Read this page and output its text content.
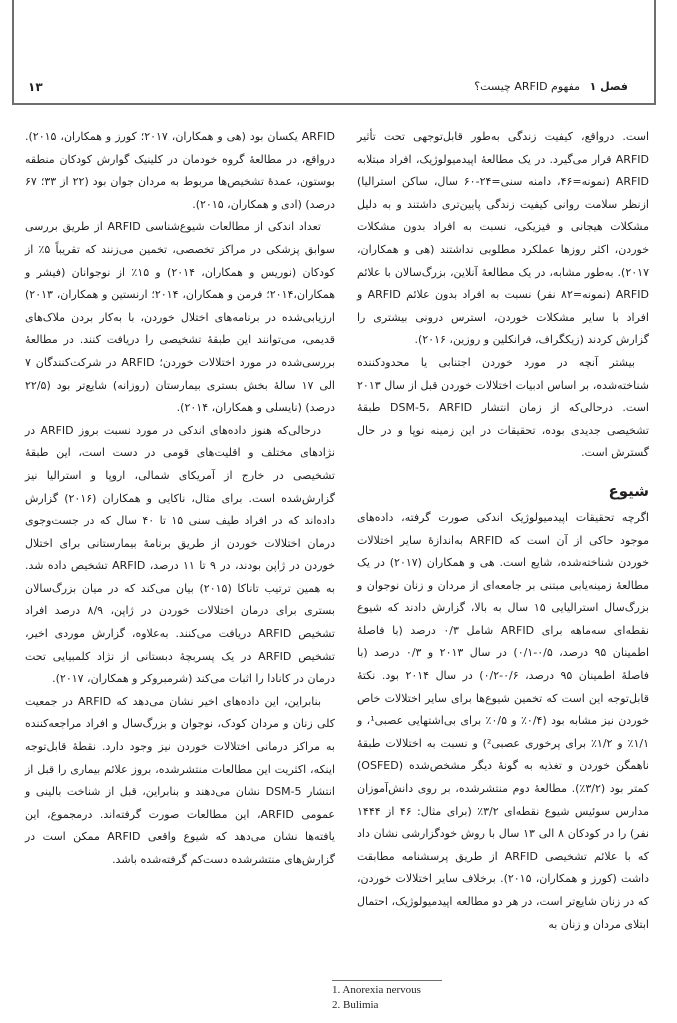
۱۳	فصل ۱ مفهوم ARFID چیست؟

است. درواقع، کیفیت زندگی به‌طور قابل‌توجهی تحت تأثیر ARFID قرار می‌گیرد. در یک مطالعهٔ اپیدمیولوژیک، افراد مبتلابه ARFID (نمونه=۴۶، دامنه سنی=۲۴-۶۰ سال، ساکن استرالیا) ازنظر سلامت روانی کیفیت زندگی پایین‌تری داشتند و به دلیل مشکلات هیجانی و فیزیکی، نسبت به افراد بدون مشکلات خوردن، اکثر روزها عملکرد مطلوبی نداشتند (هی و همکاران، ۲۰۱۷). به‌طور مشابه، در یک مطالعهٔ آنلاین، بزرگ‌سالان با علائم ARFID (نمونه=۸۲ نفر) نسبت به افراد بدون علائم ARFID و افراد با سایر مشکلات خوردن، استرس درونی بیشتری را گزارش کردند (زیکگراف، فرانکلین و روزین، ۲۰۱۶).

بیشتر آنچه در مورد خوردن اجتنابی یا محدودکننده شناخته‌شده، بر اساس ادبیات اختلالات خوردن قبل از سال ۲۰۱۳ است. درحالی‌که از زمان انتشار DSM-5، ARFID طبقهٔ تشخیصی جدیدی بوده، تحقیقات در این زمینه نوپا و در حال گسترش است.

شیوع

اگرچه تحقیقات اپیدمیولوژیک اندکی صورت گرفته، داده‌های موجود حاکی از آن است که ARFID به‌اندازهٔ سایر اختلالات خوردن شناخته‌شده، شایع است. هی و همکاران (۲۰۱۷) در یک مطالعهٔ زمینه‌یابی مبتنی بر جامعه‌ای از مردان و زنان نوجوان و بزرگ‌سال استرالیایی ۱۵ سال به بالا، گزارش دادند که شیوع نقطه‌ای سه‌ماهه برای ARFID شامل ۰/۳ درصد (با فاصلهٔ اطمینان ۹۵ درصد، ۰/۵-۰/۱) در سال ۲۰۱۳ و ۰/۳ درصد (با فاصلهٔ اطمینان ۹۵ درصد، ۰/۶-۰/۲) در سال ۲۰۱۴ بود. نکتهٔ قابل‌توجه این است که تخمین شیوع‌ها برای سایر اختلالات خاص خوردن نیز مشابه بود (۰/۴٪ و ۰/۵٪ برای بی‌اشتهایی عصبی¹، و ۱/۱٪ و ۱/۲٪ برای پرخوری عصبی²) و نسبت به اختلالات طبقهٔ ناهمگن خوردن و تغذیه به گونهٔ دیگر مشخص‌شده (OSFED) کمتر بود (۳/۲٪). مطالعهٔ دوم منتشرشده، بر روی دانش‌آموزان مدارس سوئیس شیوع نقطه‌ای ۳/۲٪ (برای مثال: ۴۶ از ۱۴۴۴ نفر) را در کودکان ۸ الی ۱۳ سال با روش خودگزارشی نشان داد که با علائم تشخیصی ARFID از طریق پرسشنامه مطابقت داشت (کورز و همکاران، ۲۰۱۵). برخلاف سایر اختلالات خوردن، که در زنان شایع‌تر است، در هر دو مطالعه اپیدمیولوژیک، احتمال ابتلای مردان و زنان به

ARFID یکسان بود (هی و همکاران، ۲۰۱۷؛ کورز و همکاران، ۲۰۱۵). درواقع، در مطالعهٔ گروه خودمان در کلینیک گوارش کودکان منطقه بوستون، عمدهٔ تشخیص‌ها مربوط به مردان جوان بود (۲۲ از ۳۳؛ ۶۷ درصد) (ادی و همکاران، ۲۰۱۵).

تعداد اندکی از مطالعات شیوع‌شناسی ARFID از طریق بررسی سوابق پزشکی در مراکز تخصصی، تخمین می‌زنند که تقریباً ۵٪ از کودکان (نوریس و همکاران، ۲۰۱۴) و ۱۵٪ از نوجوانان (فیشر و همکاران،۲۰۱۴؛ فرمن و همکاران، ۲۰۱۴؛ ارنستین و همکاران، ۲۰۱۳) ارزیابی‌شده در برنامه‌های اختلال خوردن، با به‌کار بردن ملاک‌های قدیمی، می‌توانند این طبقهٔ تشخیصی را دریافت کنند. در مطالعهٔ بررسی‌شده در مورد اختلالات خوردن؛ ARFID در شرکت‌کنندگان ۷ الی ۱۷ سالهٔ بخش بستری بیمارستان (روزانه) شایع‌تر بود (۲۲/۵ درصد) (نایسلی و همکاران، ۲۰۱۴).

درحالی‌که هنوز داده‌های اندکی در مورد نسبت بروز ARFID در نژادهای مختلف و اقلیت‌های قومی در دست است، این طبقهٔ تشخیصی در خارج از آمریکای شمالی، اروپا و استرالیا نیز گزارش‌شده است. برای مثال، ناکایی و همکاران (۲۰۱۶) گزارش داده‌اند که در افراد طیف سنی ۱۵ تا ۴۰ سال که در جست‌وجوی درمان اختلالات خوردن از طریق برنامهٔ بیمارستانی برای اختلال خوردن در ژاپن بودند، در ۹ تا ۱۱ درصد، ARFID تشخیص داده شد. به همین ترتیب تاناکا (۲۰۱۵) بیان می‌کند که در میان بزرگ‌سالان بستری برای درمان اختلالات خوردن در ژاپن، ۸/۹ درصد افراد تشخیص ARFID دریافت می‌کنند. به‌علاوه، گزارش موردی اخیر، تشخیص ARFID در یک پسربچهٔ دبستانی از نژاد کلمبیایی تحت درمان در کانادا را اثبات می‌کند (شرمبروکر و همکاران، ۲۰۱۷).

بنابراین، این داده‌های اخیر نشان می‌دهد که ARFID در جمعیت کلی زنان و مردان کودک، نوجوان و بزرگ‌سال و افراد مراجعه‌کننده به مراکز درمانی اختلالات خوردن نیز وجود دارد. نقطهٔ قابل‌توجه اینکه، اکثریت این مطالعات منتشرشده، بروز علائم بیماری را قبل از انتشار DSM-5 نشان می‌دهند و بنابراین، قبل از شناخت بالینی و عمومی ARFID، این مطالعات صورت گرفته‌اند. درمجموع، این یافته‌ها نشان می‌دهد که شیوع واقعی ARFID ممکن است در گزارش‌های منتشرشده دست‌کم گرفته‌شده باشد.

1. Anorexia nervous
2. Bulimia
